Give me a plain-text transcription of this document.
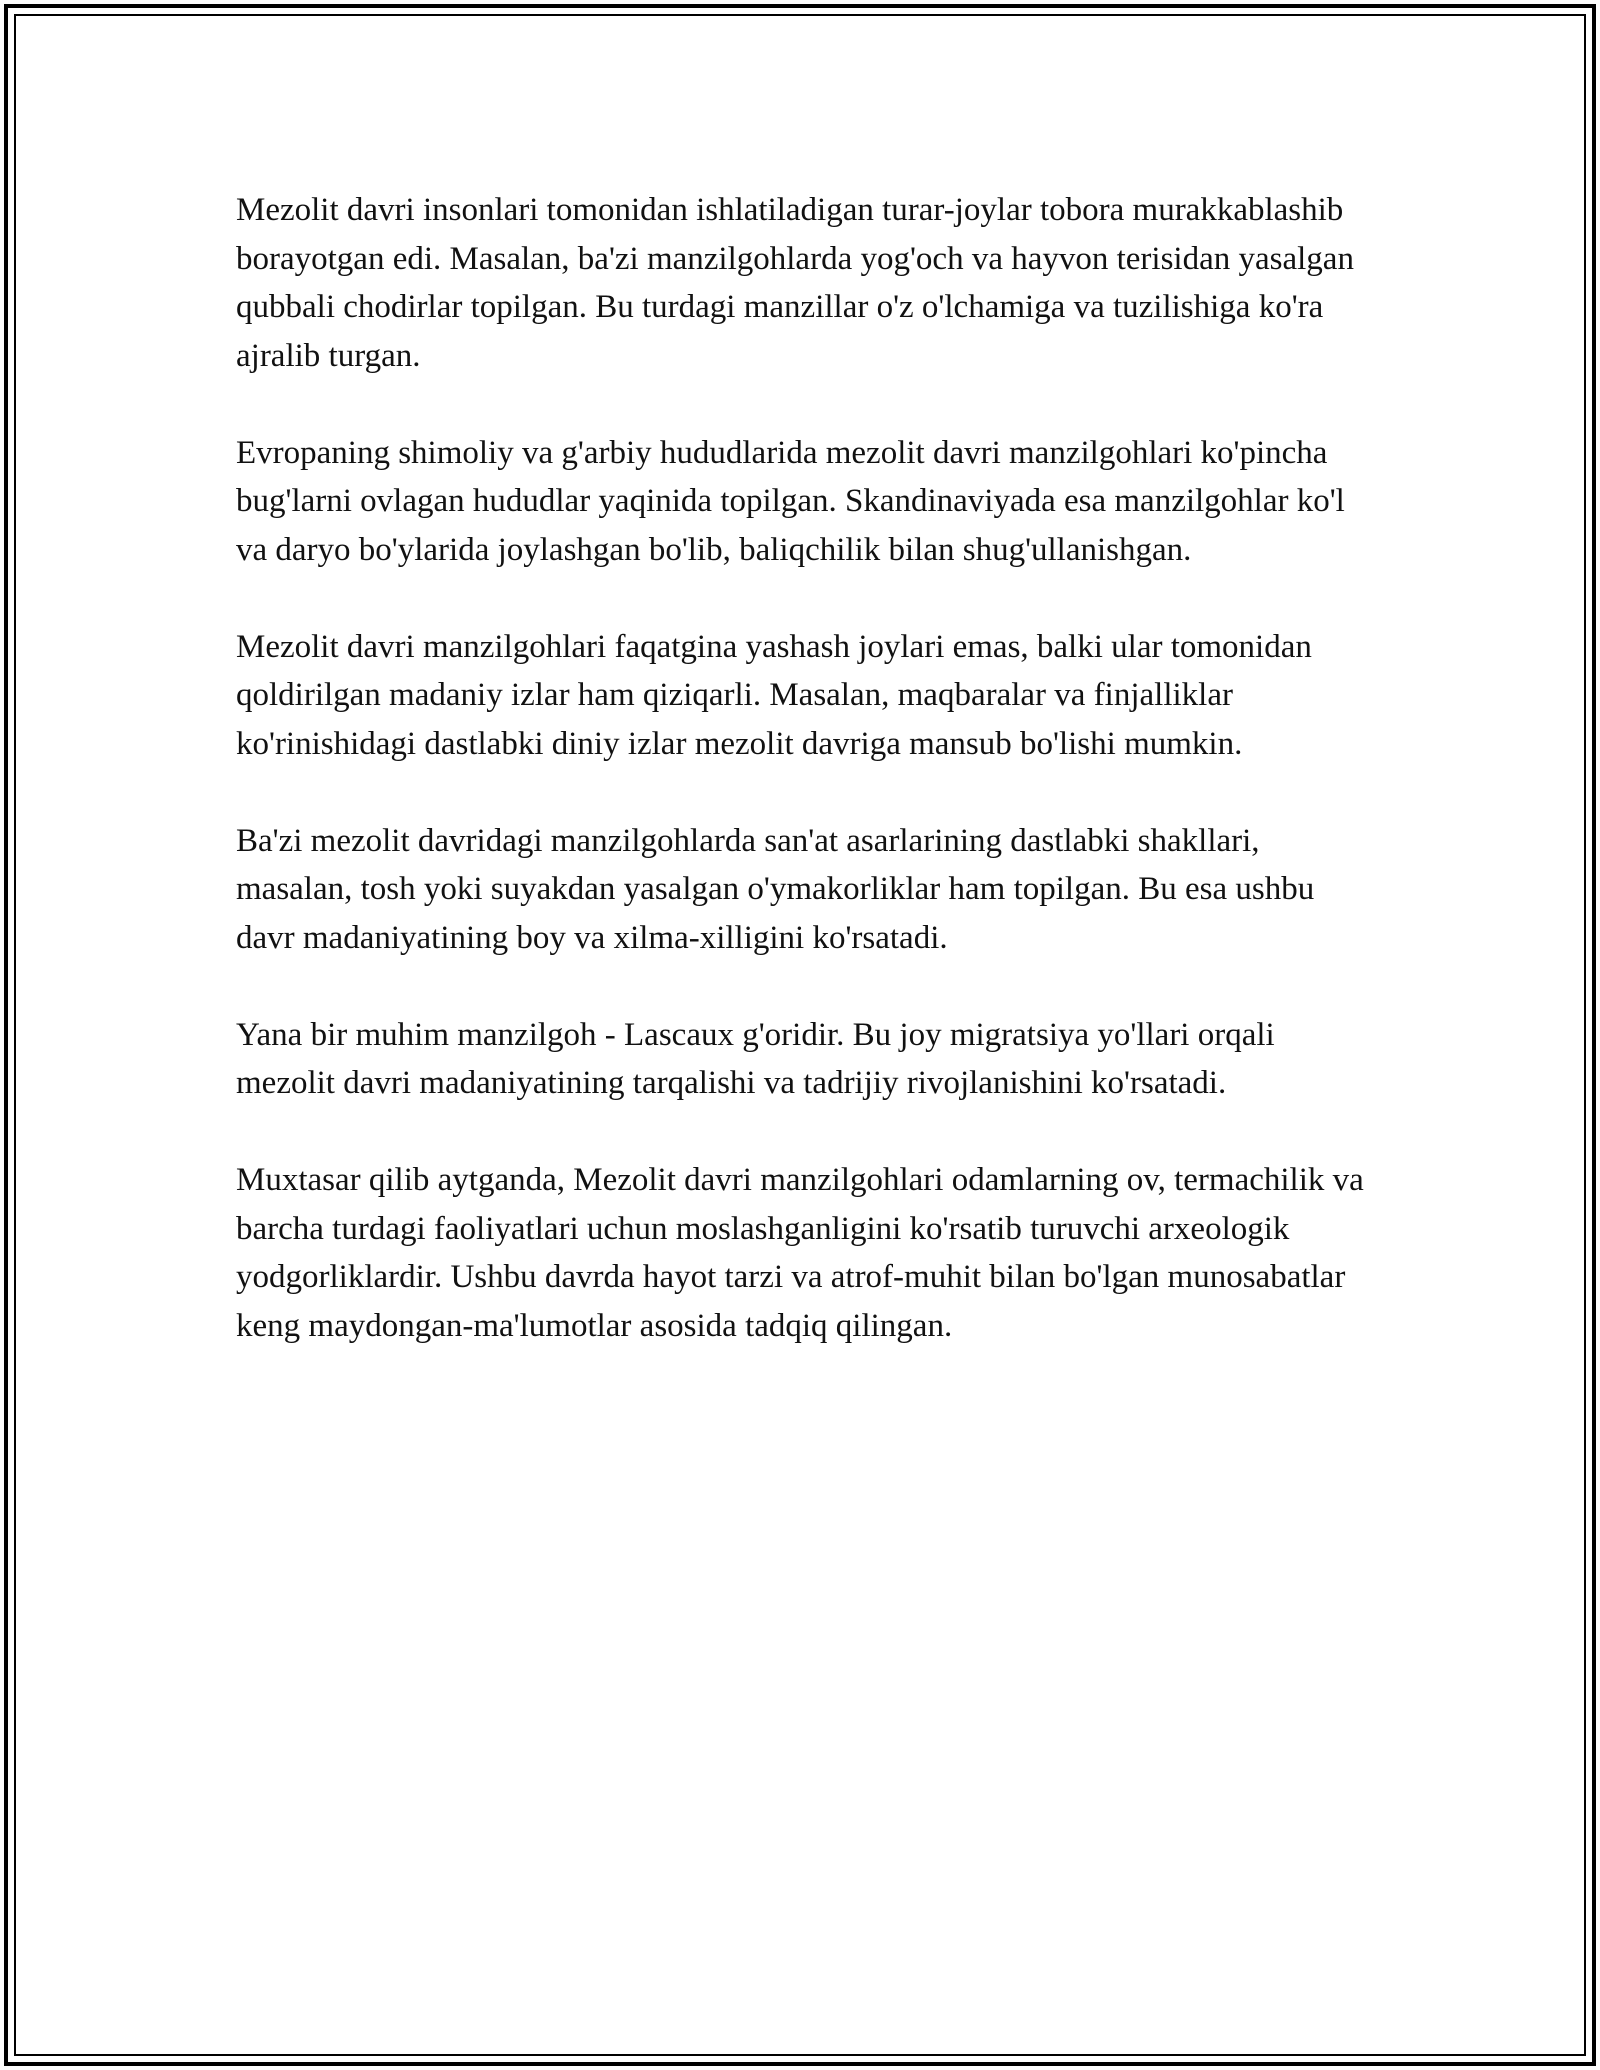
Mezolit davri insonlari tomonidan ishlatiladigan turar-joylar tobora murakkablashib borayotgan edi. Masalan, ba'zi manzilgohlarda yog'och va hayvon terisidan yasalgan qubbali chodirlar topilgan. Bu turdagi manzillar o'z o'lchamiga va tuzilishiga ko'ra ajralib turgan.

Evropaning shimoliy va g'arbiy hududlarida mezolit davri manzilgohlari ko'pincha bug'larni ovlagan hududlar yaqinida topilgan. Skandinaviyada esa manzilgohlar ko'l va daryo bo'ylarida joylashgan bo'lib, baliqchilik bilan shug'ullanishgan.

Mezolit davri manzilgohlari faqatgina yashash joylari emas, balki ular tomonidan qoldirilgan madaniy izlar ham qiziqarli. Masalan, maqbaralar va finjalliklar ko'rinishidagi dastlabki diniy izlar mezolit davriga mansub bo'lishi mumkin.

Ba'zi mezolit davridagi manzilgohlarda san'at asarlarining dastlabki shakllari, masalan, tosh yoki suyakdan yasalgan o'ymakorliklar ham topilgan. Bu esa ushbu davr madaniyatining boy va xilma-xilligini ko'rsatadi.

Yana bir muhim manzilgoh - Lascaux g'oridir. Bu joy migratsiya yo'llari orqali mezolit davri madaniyatining tarqalishi va tadrijiy rivojlanishini ko'rsatadi.

Muxtasar qilib aytganda, Mezolit davri manzilgohlari odamlarning ov, termachilik va barcha turdagi faoliyatlari uchun moslashganligini ko'rsatib turuvchi arxeologik yodgorliklardir. Ushbu davrda hayot tarzi va atrof-muhit bilan bo'lgan munosabatlar keng maydongan-ma'lumotlar asosida tadqiq qilingan.
